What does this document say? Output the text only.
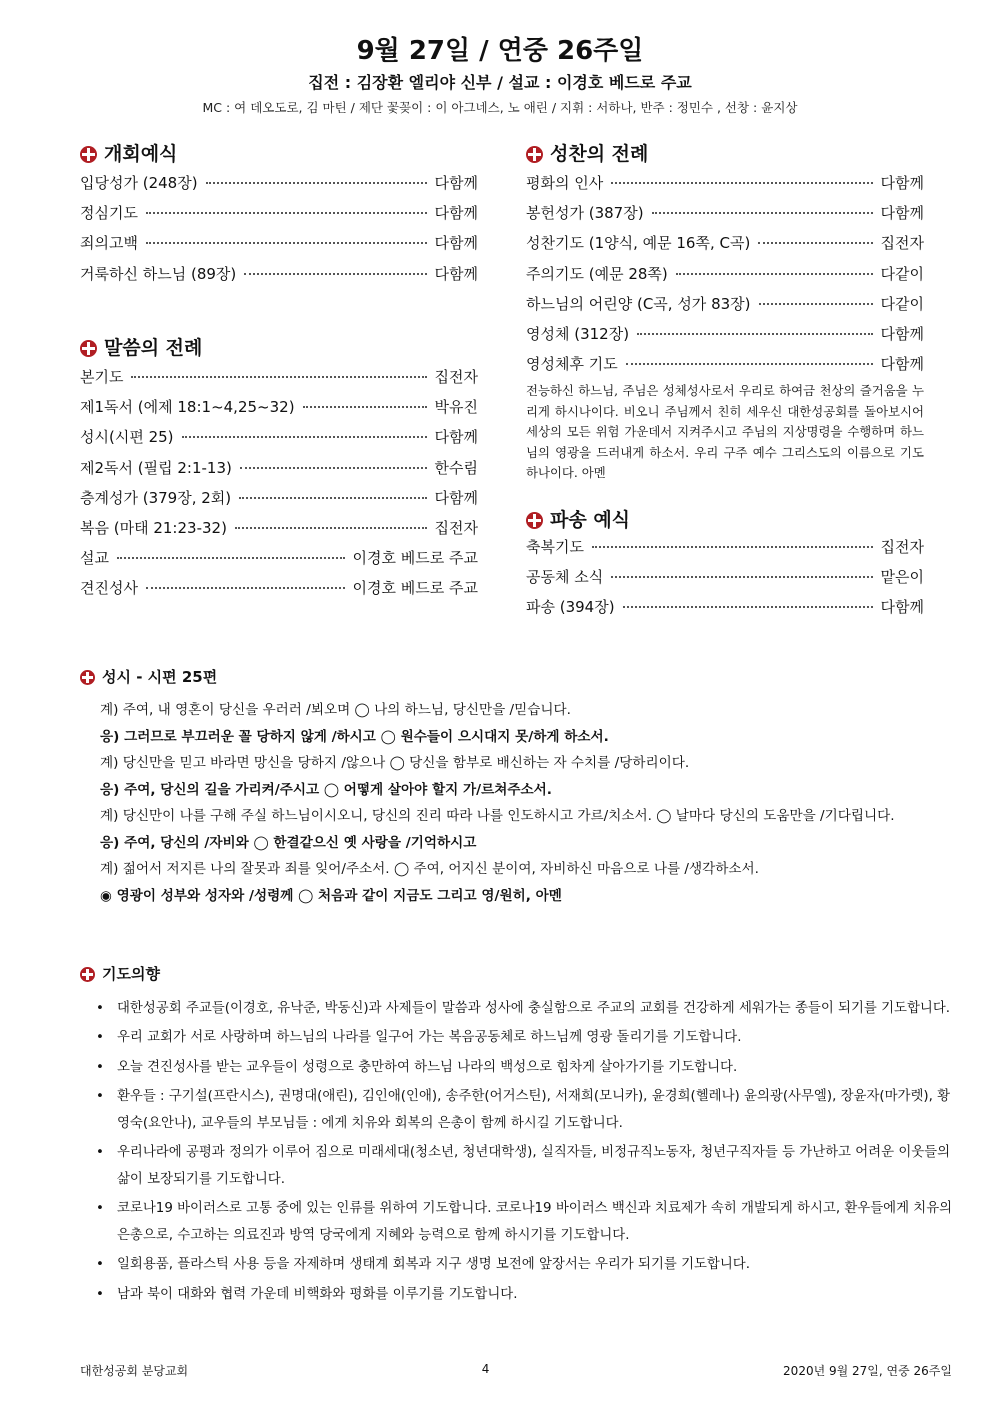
9월 27일 / 연중 26주일
집전 : 김장환 엘리야 신부 / 설교 : 이경호 베드로 주교
MC : 여 데오도로, 김 마틴 / 제단 꽃꽂이 : 이 아그네스, 노 애린 / 지휘 : 서하나, 반주 : 정민수 , 선창 : 윤지상
개회예식
입당성가 (248장)	다함께
정심기도	다함께
죄의고백	다함께
거룩하신 하느님 (89장)	다함께
말씀의 전례
본기도	집전자
제1독서 (에제 18:1~4,25~32)	박유진
성시(시편 25)	다함께
제2독서 (필립 2:1-13)	한수림
층계성가 (379장, 2회)	다함께
복음 (마태 21:23-32)	집전자
설교	이경호 베드로 주교
견진성사	이경호 베드로 주교
성찬의 전례
평화의 인사	다함께
봉헌성가 (387장)	다함께
성찬기도 (1양식, 예문 16쪽, C곡)	집전자
주의기도 (예문 28쪽)	다같이
하느님의 어린양 (C곡, 성가 83장)	다같이
영성체 (312장)	다함께
영성체후 기도	다함께
전능하신 하느님, 주님은 성체성사로서 우리로 하여금 천상의 즐거움을 누리게 하시나이다. 비오니 주님께서 친히 세우신 대한성공회를 돌아보시어 세상의 모든 위험 가운데서 지켜주시고 주님의 지상명령을 수행하며 하느님의 영광을 드러내게 하소서. 우리 구주 예수 그리스도의 이름으로 기도하나이다. 아멘
파송 예식
축복기도	집전자
공동체 소식	맡은이
파송 (394장)	다함께
성시 - 시편 25편
계) 주여, 내 영혼이 당신을 우러러 /뵈오며 ◯ 나의 하느님, 당신만을 /믿습니다.
응) 그러므로 부끄러운 꼴 당하지 않게 /하시고 ◯ 원수들이 으시대지 못/하게 하소서.
계) 당신만을 믿고 바라면 망신을 당하지 /않으나 ◯ 당신을 함부로 배신하는 자 수치를 /당하리이다.
응) 주여, 당신의 길을 가리켜/주시고 ◯ 어떻게 살아야 할지 가/르쳐주소서.
계) 당신만이 나를 구해 주실 하느님이시오니, 당신의 진리 따라 나를 인도하시고 가르/치소서. ◯ 날마다 당신의 도움만을 /기다립니다.
응) 주여, 당신의 /자비와 ◯ 한결같으신 옛 사랑을 /기억하시고
계) 젊어서 저지른 나의 잘못과 죄를 잊어/주소서. ◯ 주여, 어지신 분이여, 자비하신 마음으로 나를 /생각하소서.
◉ 영광이 성부와 성자와 /성령께 ◯ 처음과 같이 지금도 그리고 영/원히, 아멘
기도의향
• 대한성공회 주교들(이경호, 유낙준, 박동신)과 사제들이 말씀과 성사에 충실함으로 주교의 교회를 건강하게 세워가는 종들이 되기를 기도합니다.
• 우리 교회가 서로 사랑하며 하느님의 나라를 일구어 가는 복음공동체로 하느님께 영광 돌리기를 기도합니다.
• 오늘 견진성사를 받는 교우들이 성령으로 충만하여 하느님 나라의 백성으로 힘차게 살아가기를 기도합니다.
• 환우들 : 구기설(프란시스), 권명대(애린), 김인애(인애), 송주한(어거스틴), 서재희(모니카), 윤경희(헬레나) 윤의광(사무엘), 장윤자(마가렛), 황영숙(요안나), 교우들의 부모님들 : 에게 치유와 회복의 은총이 함께 하시길 기도합니다.
• 우리나라에 공평과 정의가 이루어 짐으로 미래세대(청소년, 청년대학생), 실직자들, 비정규직노동자, 청년구직자들 등 가난하고 어려운 이웃들의 삶이 보장되기를 기도합니다.
• 코로나19 바이러스로 고통 중에 있는 인류를 위하여 기도합니다. 코로나19 바이러스 백신과 치료제가 속히 개발되게 하시고, 환우들에게 치유의 은총으로, 수고하는 의료진과 방역 당국에게 지혜와 능력으로 함께 하시기를 기도합니다.
• 일회용품, 플라스틱 사용 등을 자제하며 생태계 회복과 지구 생명 보전에 앞장서는 우리가 되기를 기도합니다.
• 남과 북이 대화와 협력 가운데 비핵화와 평화를 이루기를 기도합니다.
대한성공회 분당교회	4	2020년 9월 27일, 연중 26주일
